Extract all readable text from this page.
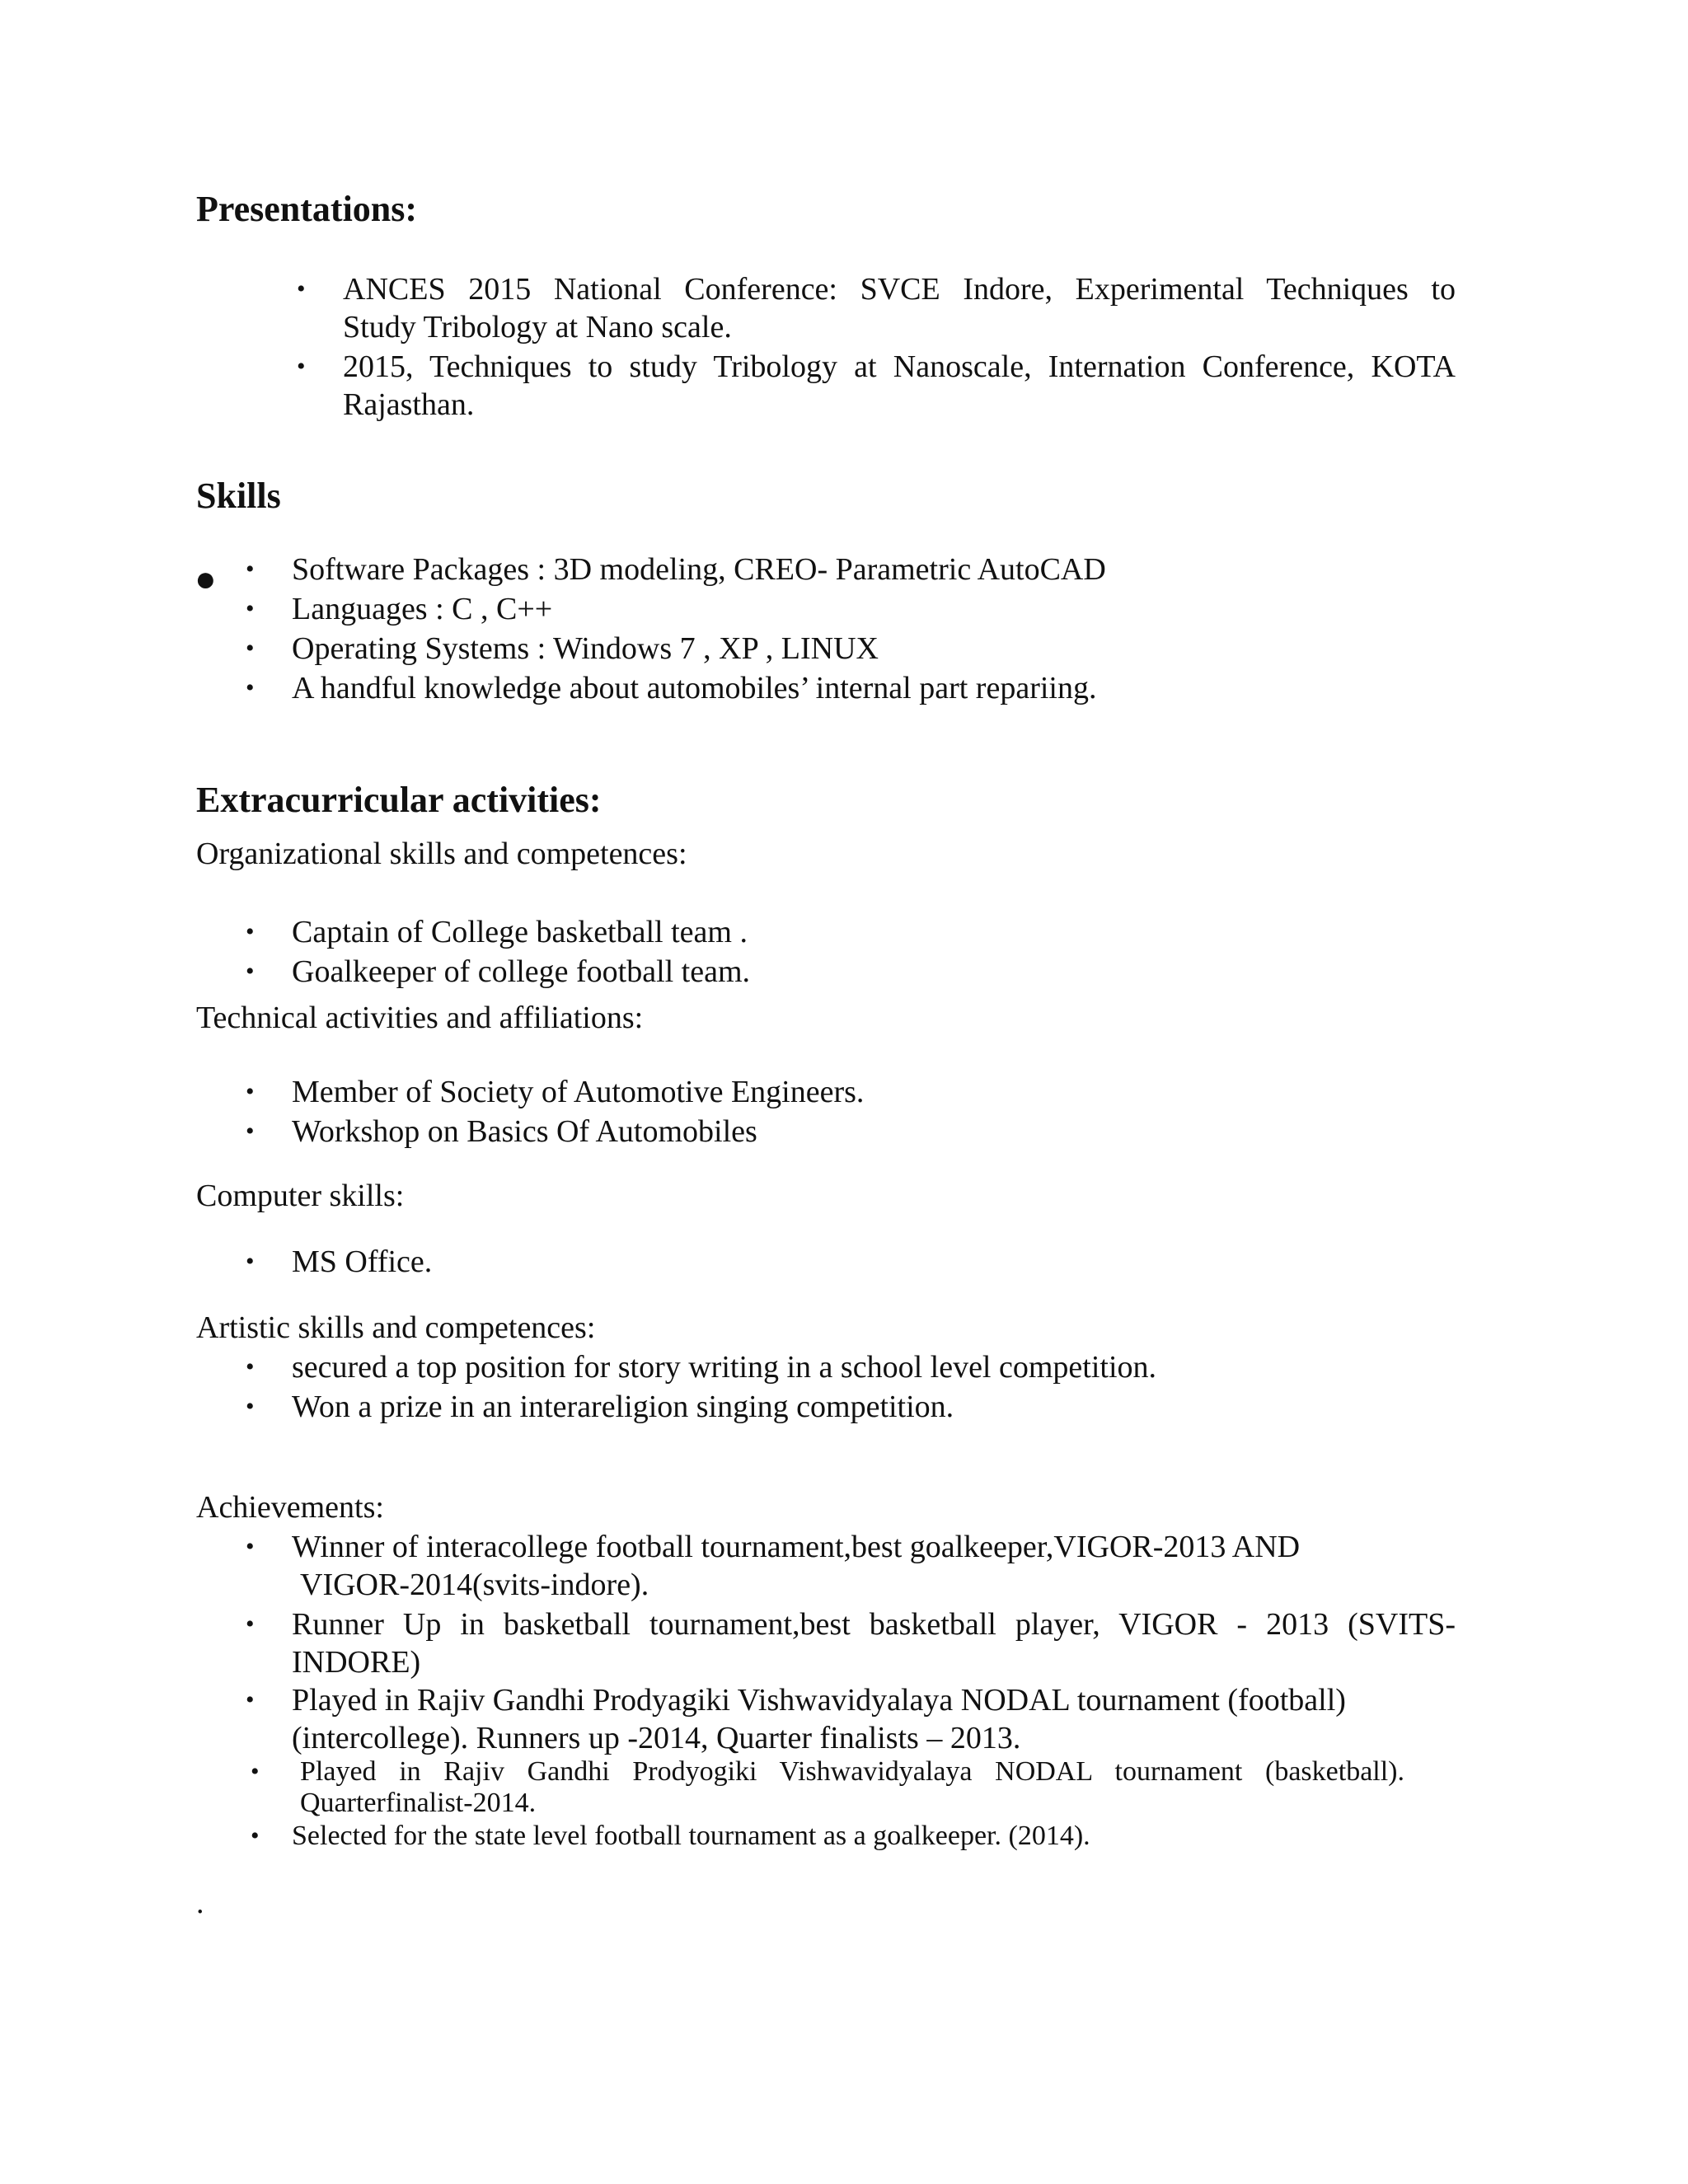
Presentations:
• ANCES 2015 National Conference: SVCE Indore, Experimental Techniques to
Study Tribology at Nano scale.
• 2015, Techniques to study Tribology at Nanoscale, Internation Conference, KOTA
Rajasthan.
Skills
● • Software Packages : 3D modeling, CREO- Parametric AutoCAD
• Languages : C , C++
• Operating Systems : Windows 7 , XP , LINUX
• A handful knowledge about automobiles’ internal part repariing.
Extracurricular activities:
Organizational skills and competences:
• Captain of College basketball team .
• Goalkeeper of college football team.
Technical activities and affiliations:
• Member of Society of Automotive Engineers.
• Workshop on Basics Of Automobiles
Computer skills:
• MS Office.
Artistic skills and competences:
• secured a top position for story writing in a school level competition.
• Won a prize in an interareligion singing competition.
Achievements:
• Winner of interacollege football tournament,best goalkeeper,VIGOR-2013 AND
VIGOR-2014(svits-indore).
• Runner Up in basketball tournament,best basketball player, VIGOR - 2013 (SVITS-
INDORE)
• Played in Rajiv Gandhi Prodyagiki Vishwavidyalaya NODAL tournament (football)
(intercollege). Runners up -2014, Quarter finalists – 2013.
• Played in Rajiv Gandhi Prodyogiki Vishwavidyalaya NODAL tournament (basketball).
Quarterfinalist-2014.
• Selected for the state level football tournament as a goalkeeper. (2014).
.
